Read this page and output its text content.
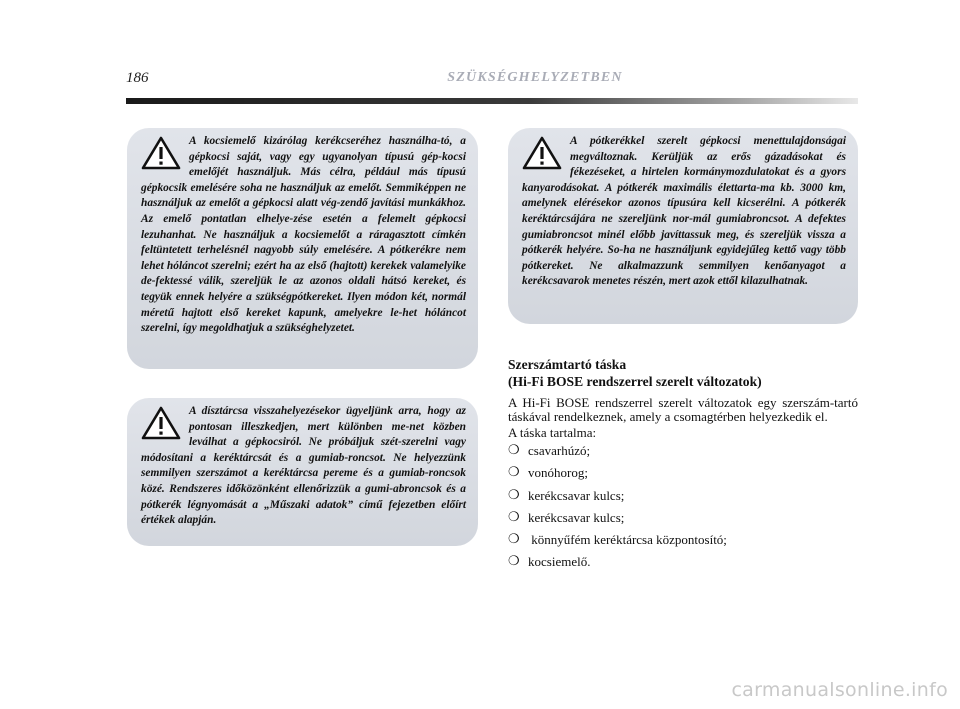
186	SZÜKSÉGHELYZETBEN
A kocsiemelő kizárólag kerékcseréhez használha-tó, a gépkocsi saját, vagy egy ugyanolyan típusú gép-kocsi emelőjét használjuk. Más célra, például más típusú gépkocsik emelésére soha ne használjuk az emelőt. Semmiképpen ne használjuk az emelőt a gépkocsi alatt vég-zendő javítási munkákhoz. Az emelő pontatlan elhelye-zése esetén a felemelt gépkocsi lezuhanhat. Ne használjuk a kocsiemelőt a ráragasztott címkén feltüntetett terhelésnél nagyobb súly emelésére. A pótkerékre nem lehet hóláncot szerelni; ezért ha az első (hajtott) kerekek valamelyike de-fektessé válik, szereljük le az azonos oldali hátsó kereket, és tegyük ennek helyére a szükségpótkereket. Ilyen módon két, normál méretű hajtott első kereket kapunk, amelyekre le-het hóláncot szerelni, így megoldhatjuk a szükséghelyzetet.
A dísztárcsa visszahelyezésekor ügyeljünk arra, hogy az pontosan illeszkedjen, mert különben me-net közben leválhat a gépkocsiról. Ne próbáljuk szét-szerelni vagy módosítani a keréktárcsát és a gumiab-roncsot. Ne helyezzünk semmilyen szerszámot a keréktárcsa pereme és a gumiab-roncsok közé. Rendszeres időközönként ellenőrizzük a gumi-abroncsok és a pótkerék légnyomását a „Műszaki adatok” című fejezetben előírt értékek alapján.
A pótkerékkel szerelt gépkocsi menettulajdonságai megváltoznak. Kerüljük az erős gázadásokat és fékezéseket, a hirtelen kormánymozdulatokat és a gyors kanyarodásokat. A pótkerék maximális élettarta-ma kb. 3000 km, amelynek elérésekor azonos típusúra kell kicserélni. A pótkerék keréktárcsájára ne szereljünk nor-mál gumiabroncsot. A defektes gumiabroncsot minél előbb javíttassuk meg, és szereljük vissza a pótkerék helyére. So-ha ne használjunk egyidejűleg kettő vagy több pótkereket. Ne alkalmazzunk semmilyen kenőanyagot a kerékcsavarok menetes részén, mert azok ettől kilazulhatnak.

Szerszámtartó táska
(Hi-Fi BOSE rendszerrel szerelt változatok)

A Hi-Fi BOSE rendszerrel szerelt változatok egy szerszám-tartó táskával rendelkeznek, amely a csomagtérben helyezkedik el.

A táska tartalma:

❍ csavarhúzó;
❍ vonóhorog;
❍ kerékcsavar kulcs;
❍ kerékcsavar kulcs;
❍ könnyűfém keréktárcsa központosító;
❍ kocsiemelő.
carmanualsonline.info
